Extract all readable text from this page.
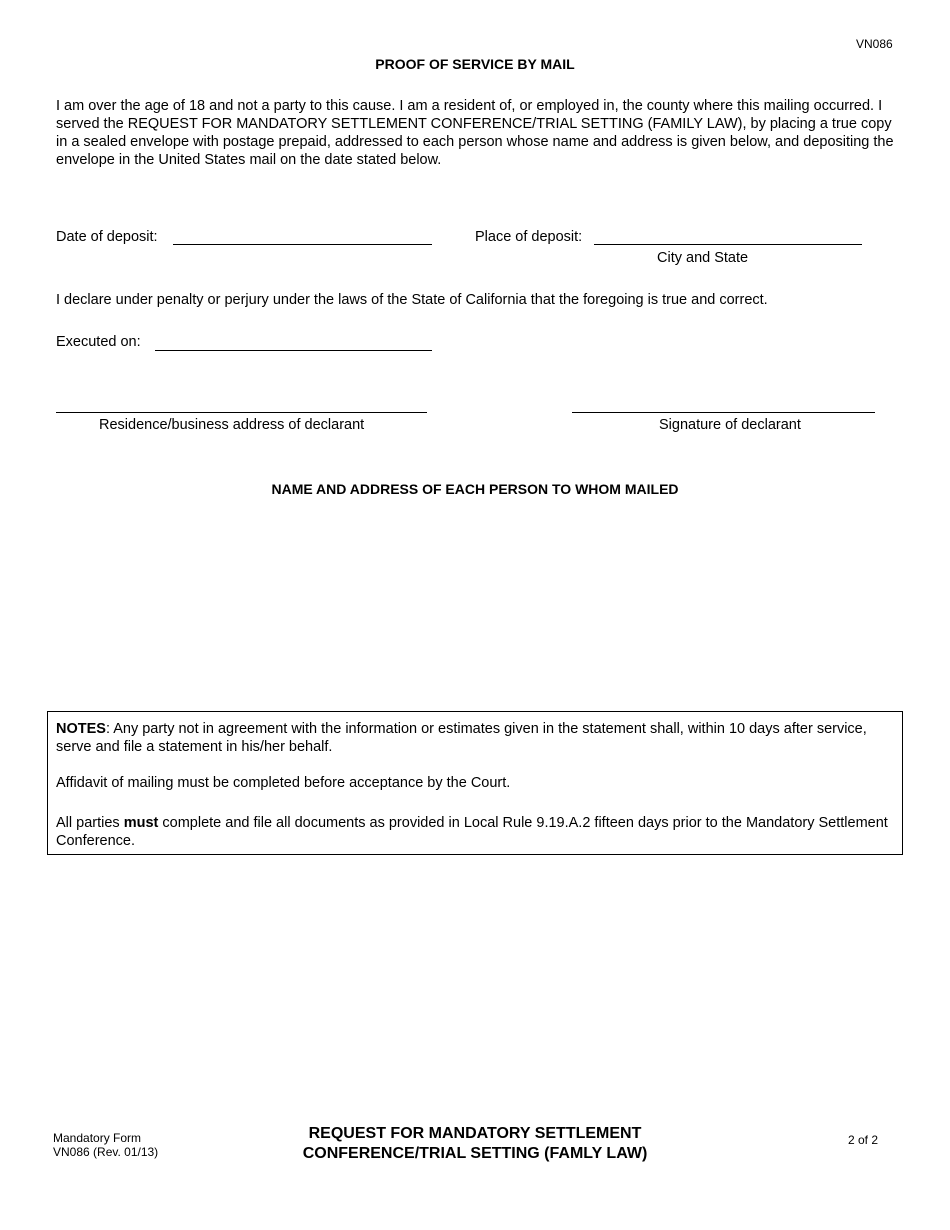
VN086
PROOF OF SERVICE BY MAIL
I am over the age of 18 and not a party to this cause. I am a resident of, or employed in, the county where this mailing occurred. I served the REQUEST FOR MANDATORY SETTLEMENT CONFERENCE/TRIAL SETTING (FAMILY LAW), by placing a true copy in a sealed envelope with postage prepaid, addressed to each person whose name and address is given below, and depositing the envelope in the United States mail on the date stated below.
Date of deposit:	Place of deposit:
City and State
I declare under penalty or perjury under the laws of the State of California that the foregoing is true and correct.
Executed on:
Residence/business address of declarant	Signature of declarant
NAME AND ADDRESS OF EACH PERSON TO WHOM MAILED

NOTES: Any party not in agreement with the information or estimates given in the statement shall, within 10 days after service, serve and file a statement in his/her behalf.

Affidavit of mailing must be completed before acceptance by the Court.

All parties must complete and file all documents as provided in Local Rule 9.19.A.2 fifteen days prior to the Mandatory Settlement Conference.

Mandatory Form
VN086 (Rev. 01/13)
REQUEST FOR MANDATORY SETTLEMENT
CONFERENCE/TRIAL SETTING (FAMLY LAW)
2 of 2
